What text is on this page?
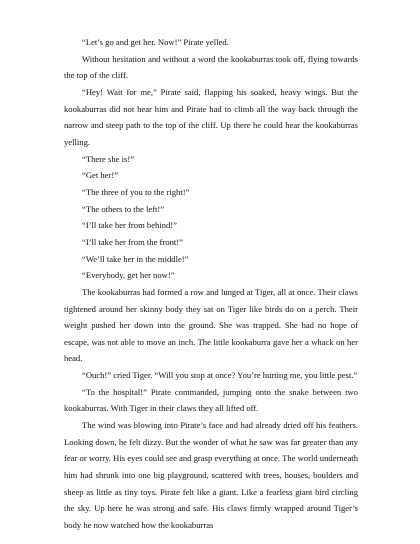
“Let’s go and get her. Now!” Pirate yelled.

Without hesitation and without a word the kookaburras took off, flying towards the top of the cliff.

“Hey! Wait for me,” Pirate said, flapping his soaked, heavy wings. But the kookaburras did not hear him and Pirate had to climb all the way back through the narrow and steep path to the top of the cliff. Up there he could hear the kookaburras yelling.

“There she is!”

“Get her!”

“The three of you to the right!”

“The others to the left!”

“I’ll take her from behind!”

“I’ll take her from the front!”

“We’ll take her in the middle!”

“Everybody, get her now!”

The kookaburras had formed a row and lunged at Tiger, all at once. Their claws tightened around her skinny body they sat on Tiger like birds do on a perch. Their weight pushed her down into the ground. She was trapped. She had no hope of escape, was not able to move an inch. The little kookaburra gave her a whack on her head.

“Ouch!” cried Tiger. “Will you stop at once? You’re hurting me, you little pest.”

“To the hospital!” Pirate commanded, jumping onto the snake between two kookaburras. With Tiger in their claws they all lifted off.

The wind was blowing into Pirate’s face and had already dried off his feathers. Looking down, he felt dizzy. But the wonder of what he saw was far greater than any fear or worry. His eyes could see and grasp everything at once. The world underneath him had shrunk into one big playground, scattered with trees, houses, boulders and sheep as little as tiny toys. Pirate felt like a giant. Like a fearless giant bird circling the sky. Up here he was strong and safe. His claws firmly wrapped around Tiger’s body he now watched how the kookaburras
